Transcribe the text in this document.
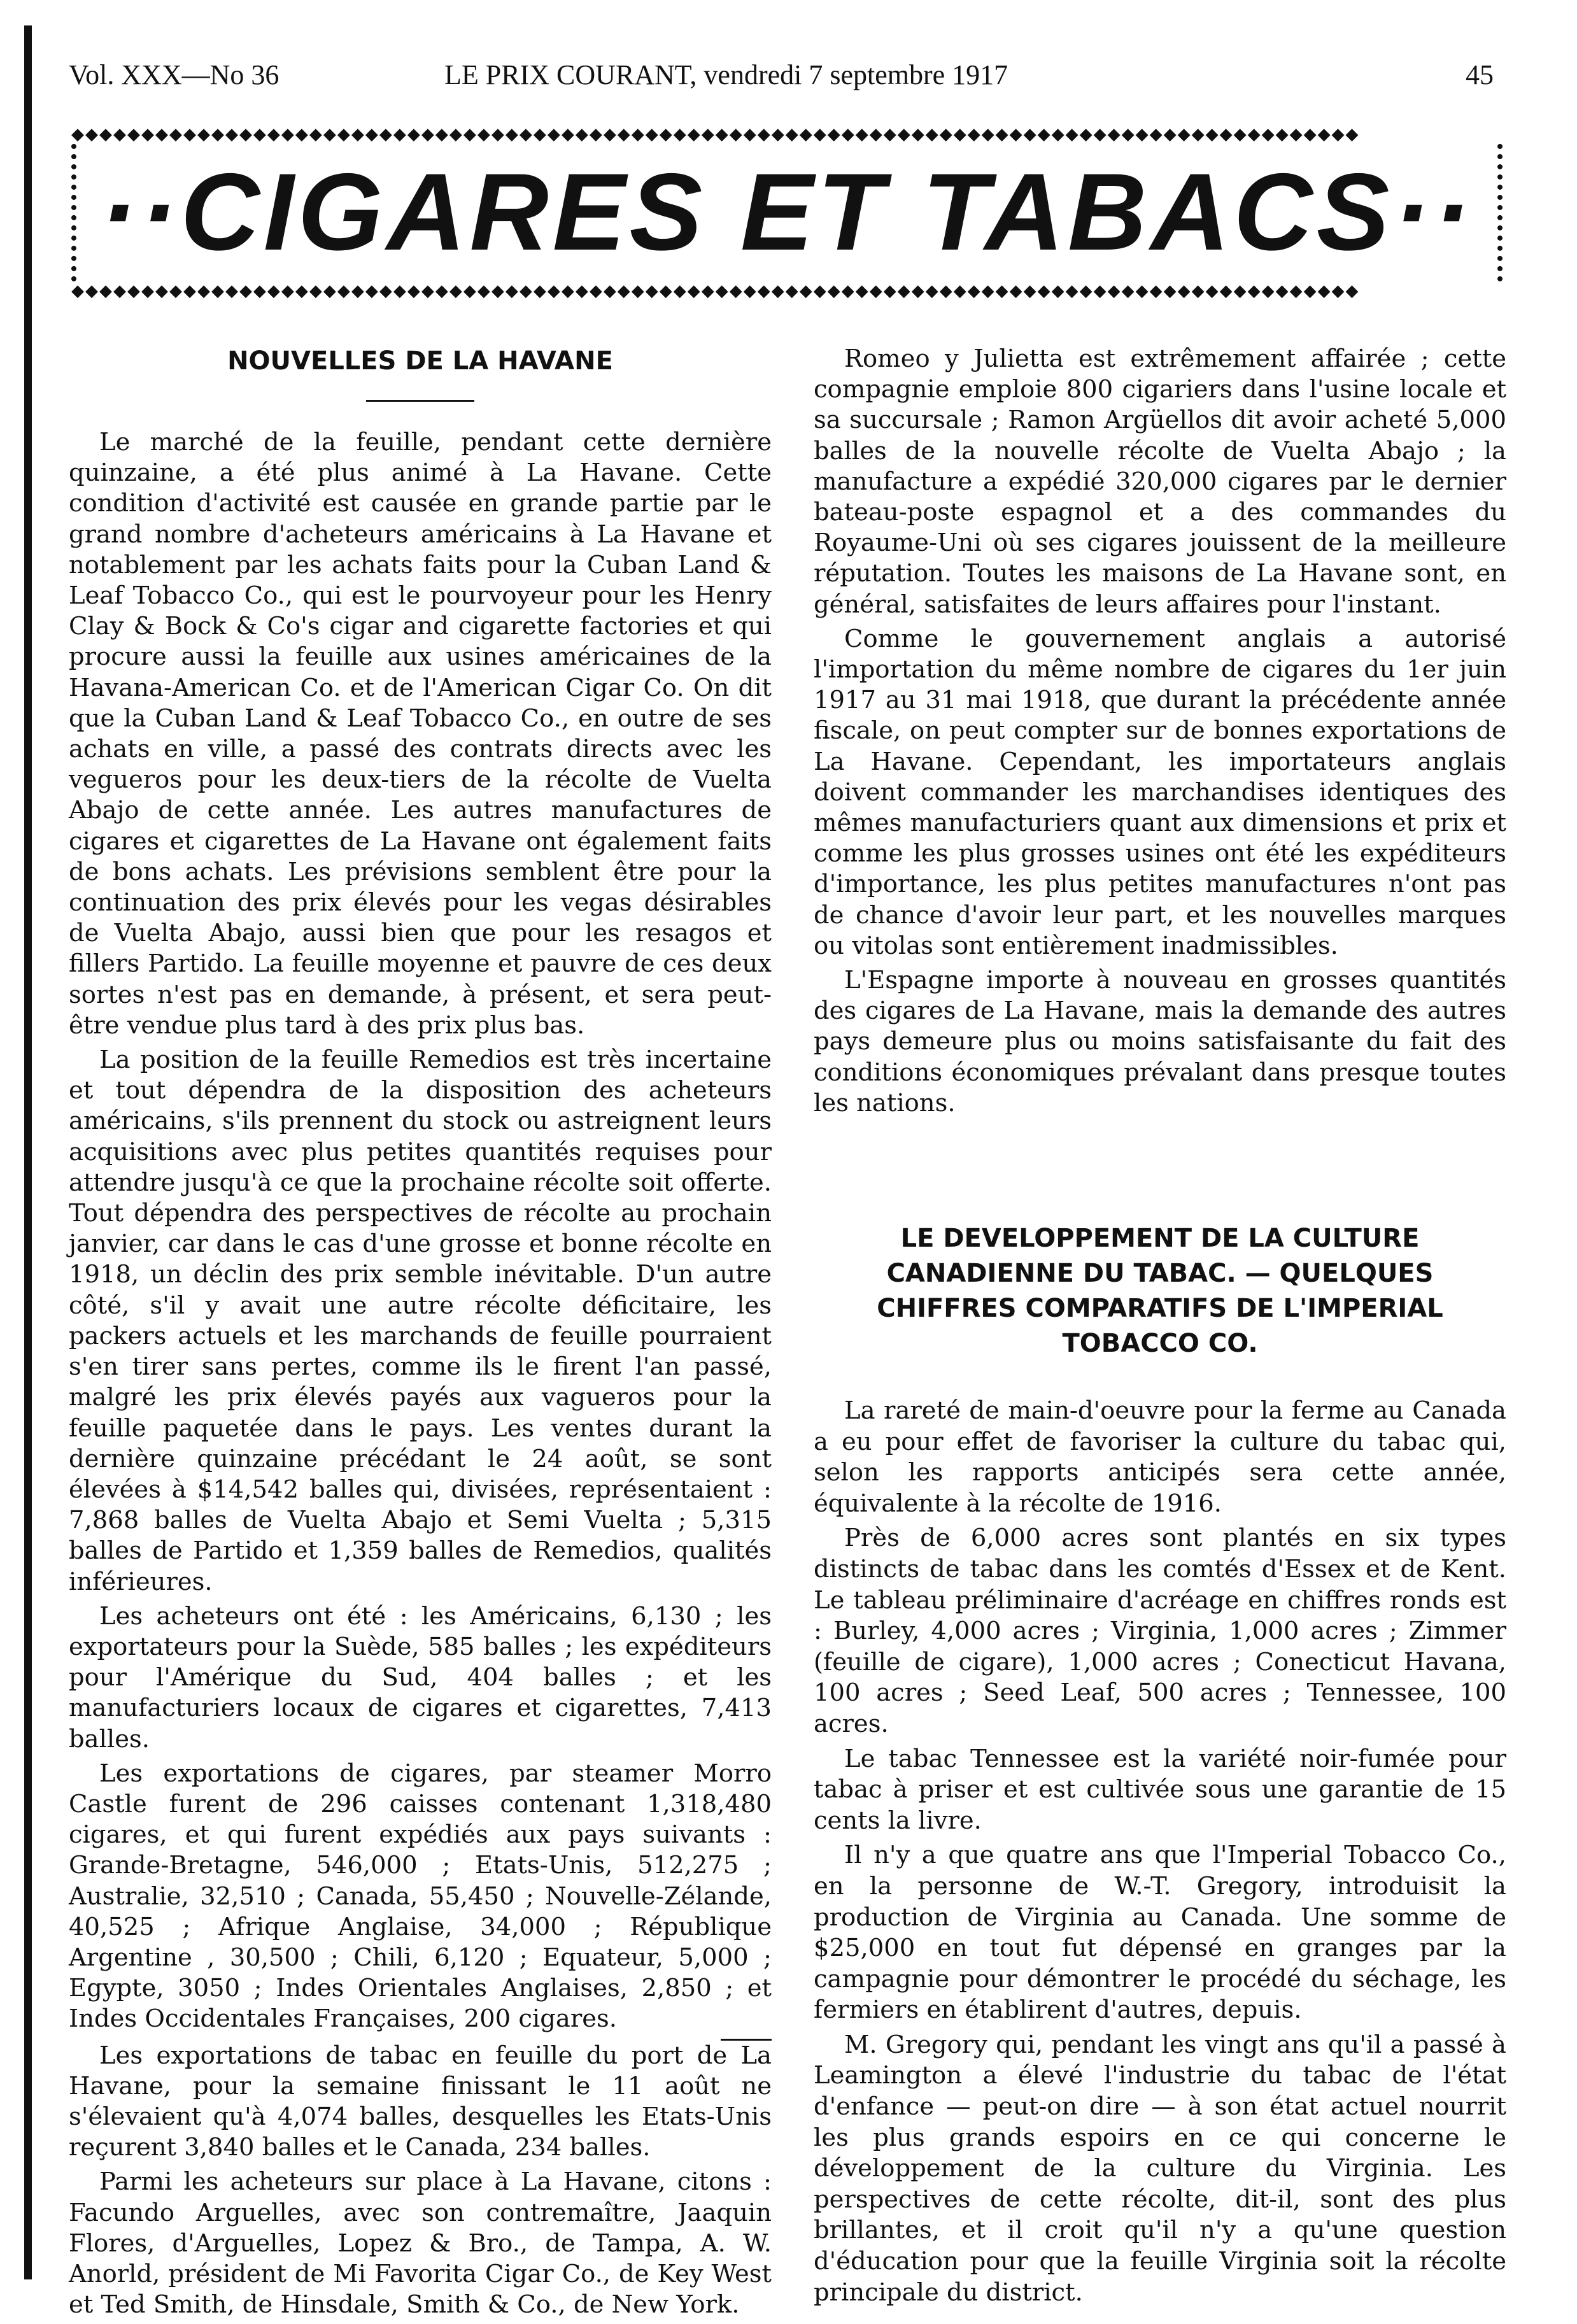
Vol. XXX—No 36	LE PRIX COURANT, vendredi 7 septembre 1917	45
◆◆◆◆◆◆◆◆◆◆◆◆◆◆◆◆◆◆◆◆◆◆◆◆◆◆◆◆◆◆◆◆◆◆◆◆◆◆◆◆◆◆◆◆◆◆◆◆◆◆◆◆◆◆◆◆◆◆◆◆◆◆◆◆◆◆◆◆◆◆◆◆◆◆◆◆◆◆◆◆◆◆◆◆◆◆◆◆◆◆◆◆
··CIGARES ET TABACS··
◆◆◆◆◆◆◆◆◆◆◆◆◆◆◆◆◆◆◆◆◆◆◆◆◆◆◆◆◆◆◆◆◆◆◆◆◆◆◆◆◆◆◆◆◆◆◆◆◆◆◆◆◆◆◆◆◆◆◆◆◆◆◆◆◆◆◆◆◆◆◆◆◆◆◆◆◆◆◆◆◆◆◆◆◆◆◆◆◆◆◆◆
NOUVELLES DE LA HAVANE

Le marché de la feuille, pendant cette dernière quinzaine, a été plus animé à La Havane. Cette condition d'activité est causée en grande partie par le grand nombre d'acheteurs américains à La Havane et notablement par les achats faits pour la Cuban Land & Leaf Tobacco Co., qui est le pourvoyeur pour les Henry Clay & Bock & Co's cigar and cigarette factories et qui procure aussi la feuille aux usines américaines de la Havana-American Co. et de l'American Cigar Co. On dit que la Cuban Land & Leaf Tobacco Co., en outre de ses achats en ville, a passé des contrats directs avec les vegueros pour les deux-tiers de la récolte de Vuelta Abajo de cette année. Les autres manufactures de cigares et cigarettes de La Havane ont également faits de bons achats. Les prévisions semblent être pour la continuation des prix élevés pour les vegas désirables de Vuelta Abajo, aussi bien que pour les resagos et fillers Partido. La feuille moyenne et pauvre de ces deux sortes n'est pas en demande, à présent, et sera peut-être vendue plus tard à des prix plus bas.

La position de la feuille Remedios est très incertaine et tout dépendra de la disposition des acheteurs américains, s'ils prennent du stock ou astreignent leurs acquisitions avec plus petites quantités requises pour attendre jusqu'à ce que la prochaine récolte soit offerte. Tout dépendra des perspectives de récolte au prochain janvier, car dans le cas d'une grosse et bonne récolte en 1918, un déclin des prix semble inévitable. D'un autre côté, s'il y avait une autre récolte déficitaire, les packers actuels et les marchands de feuille pourraient s'en tirer sans pertes, comme ils le firent l'an passé, malgré les prix élevés payés aux vagueros pour la feuille paquetée dans le pays. Les ventes durant la dernière quinzaine précédant le 24 août, se sont élevées à $14,542 balles qui, divisées, représentaient : 7,868 balles de Vuelta Abajo et Semi Vuelta ; 5,315 balles de Partido et 1,359 balles de Remedios, qualités inférieures.

Les acheteurs ont été : les Américains, 6,130 ; les exportateurs pour la Suède, 585 balles ; les expéditeurs pour l'Amérique du Sud, 404 balles ; et les manufacturiers locaux de cigares et cigarettes, 7,413 balles.

Les exportations de cigares, par steamer Morro Castle furent de 296 caisses contenant 1,318,480 cigares, et qui furent expédiés aux pays suivants : Grande-Bretagne, 546,000 ; Etats-Unis, 512,275 ; Australie, 32,510 ; Canada, 55,450 ; Nouvelle-Zélande, 40,525 ; Afrique Anglaise, 34,000 ; République Argentine , 30,500 ; Chili, 6,120 ; Equateur, 5,000 ; Egypte, 3050 ; Indes Orientales Anglaises, 2,850 ; et Indes Occidentales Françaises, 200 cigares.

Les exportations de tabac en feuille du port de La Havane, pour la semaine finissant le 11 août ne s'élevaient qu'à 4,074 balles, desquelles les Etats-Unis reçurent 3,840 balles et le Canada, 234 balles.

Parmi les acheteurs sur place à La Havane, citons : Facundo Arguelles, avec son contremaître, Jaaquin Flores, d'Arguelles, Lopez & Bro., de Tampa, A. W. Anorld, président de Mi Favorita Cigar Co., de Key West et Ted Smith, de Hinsdale, Smith & Co., de New York.

Romeo y Julietta est extrêmement affairée ; cette compagnie emploie 800 cigariers dans l'usine locale et sa succursale ; Ramon Argüellos dit avoir acheté 5,000 balles de la nouvelle récolte de Vuelta Abajo ; la manufacture a expédié 320,000 cigares par le dernier bateau-poste espagnol et a des commandes du Royaume-Uni où ses cigares jouissent de la meilleure réputation. Toutes les maisons de La Havane sont, en général, satisfaites de leurs affaires pour l'instant.

Comme le gouvernement anglais a autorisé l'importation du même nombre de cigares du 1er juin 1917 au 31 mai 1918, que durant la précédente année fiscale, on peut compter sur de bonnes exportations de La Havane. Cependant, les importateurs anglais doivent commander les marchandises identiques des mêmes manufacturiers quant aux dimensions et prix et comme les plus grosses usines ont été les expéditeurs d'importance, les plus petites manufactures n'ont pas de chance d'avoir leur part, et les nouvelles marques ou vitolas sont entièrement inadmissibles.

L'Espagne importe à nouveau en grosses quantités des cigares de La Havane, mais la demande des autres pays demeure plus ou moins satisfaisante du fait des conditions économiques prévalant dans presque toutes les nations.

LE DEVELOPPEMENT DE LA CULTURE CANADIENNE DU TABAC. — QUELQUES CHIFFRES COMPARATIFS DE L'IMPERIAL TOBACCO CO.

La rareté de main-d'oeuvre pour la ferme au Canada a eu pour effet de favoriser la culture du tabac qui, selon les rapports anticipés sera cette année, équivalente à la récolte de 1916.

Près de 6,000 acres sont plantés en six types distincts de tabac dans les comtés d'Essex et de Kent. Le tableau préliminaire d'acréage en chiffres ronds est : Burley, 4,000 acres ; Virginia, 1,000 acres ; Zimmer (feuille de cigare), 1,000 acres ; Conecticut Havana, 100 acres ; Seed Leaf, 500 acres ; Tennessee, 100 acres.

Le tabac Tennessee est la variété noir-fumée pour tabac à priser et est cultivée sous une garantie de 15 cents la livre.

Il n'y a que quatre ans que l'Imperial Tobacco Co., en la personne de W.-T. Gregory, introduisit la production de Virginia au Canada. Une somme de $25,000 en tout fut dépensé en granges par la campagnie pour démontrer le procédé du séchage, les fermiers en établirent d'autres, depuis.

M. Gregory qui, pendant les vingt ans qu'il a passé à Leamington a élevé l'industrie du tabac de l'état d'enfance — peut-on dire — à son état actuel nourrit les plus grands espoirs en ce qui concerne le développement de la culture du Virginia. Les perspectives de cette récolte, dit-il, sont des plus brillantes, et il croit qu'il n'y a qu'une question d'éducation pour que la feuille Virginia soit la récolte principale du district.
